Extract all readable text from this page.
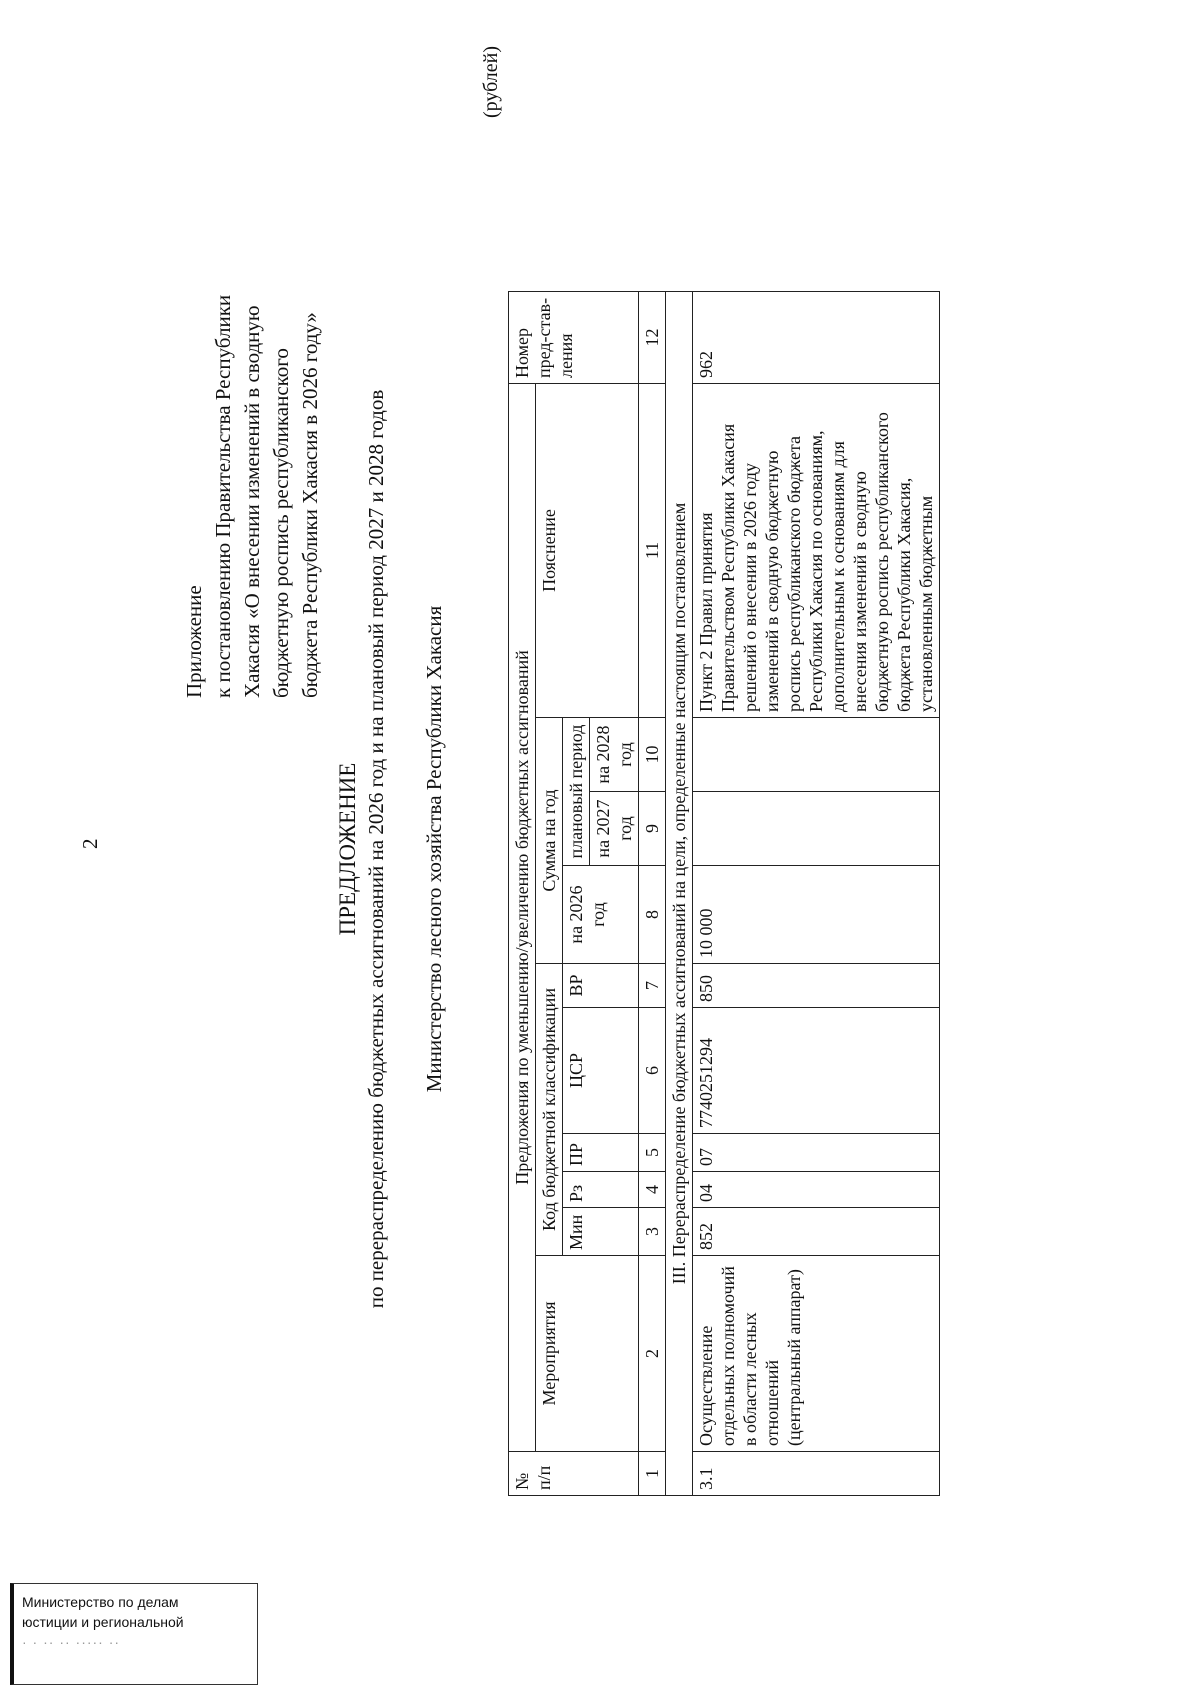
2
Приложение к постановлению Правительства Республики Хакасия «О внесении изменений в сводную бюджетную роспись республиканского бюджета Республики Хакасия в 2026 году»
ПРЕДЛОЖЕНИЕ по перераспределению бюджетных ассигнований на 2026 год и на плановый период 2027 и 2028 годов Министерство лесного хозяйства Республики Хакасия
(рублей)
№ п/п	Предложения по уменьшению/увеличению бюджетных ассигнований										Номер пред-став-ления
	Мероприятия	Код бюджетной классификации					Сумма на год			Пояснение	
		Мин	Рз	ПР	ЦСР	ВР	на 2026 год	плановый период			
								на 2027 год	на 2028 год		
1	2	3	4	5	6	7	8	9	10	11	12
III. Перераспределение бюджетных ассигнований на цели, определенные настоящим постановлением											
3.1	Осуществление отдельных полномочий в области лесных отношений (центральный аппарат)	852	04	07	7740251294	850	10 000			Пункт 2 Правил принятия Правительством Республики Хакасия решений о внесении в 2026 году изменений в сводную бюджетную роспись республиканского бюджета Республики Хакасия по основаниям, дополнительным к основаниям для внесения изменений в сводную бюджетную роспись республиканского бюджета Республики Хакасия, установленным бюджетным	962
Министерство по делам
юстиции и региональной
· · ·· ·· ····· ··
